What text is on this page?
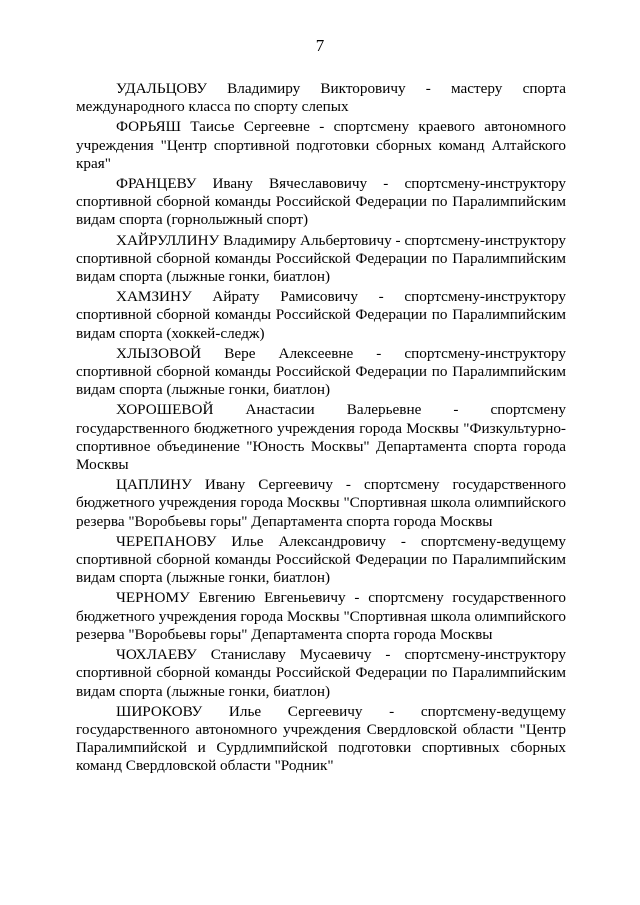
7

УДАЛЬЦОВУ Владимиру Викторовичу - мастеру спорта международного класса по спорту слепых

ФОРЬЯШ Таисье Сергеевне - спортсмену краевого автономного учреждения "Центр спортивной подготовки сборных команд Алтайского края"

ФРАНЦЕВУ Ивану Вячеславовичу - спортсмену-инструктору спортивной сборной команды Российской Федерации по Паралимпийским видам спорта (горнолыжный спорт)

ХАЙРУЛЛИНУ Владимиру Альбертовичу - спортсмену-инструктору спортивной сборной команды Российской Федерации по Паралимпийским видам спорта (лыжные гонки, биатлон)

ХАМЗИНУ Айрату Рамисовичу - спортсмену-инструктору спортивной сборной команды Российской Федерации по Паралимпийским видам спорта (хоккей-следж)

ХЛЫЗОВОЙ Вере Алексеевне - спортсмену-инструктору спортивной сборной команды Российской Федерации по Паралимпийским видам спорта (лыжные гонки, биатлон)

ХОРОШЕВОЙ Анастасии Валерьевне - спортсмену государственного бюджетного учреждения города Москвы "Физкультурно-спортивное объединение "Юность Москвы" Департамента спорта города Москвы

ЦАПЛИНУ Ивану Сергеевичу - спортсмену государственного бюджетного учреждения города Москвы "Спортивная школа олимпийского резерва "Воробьевы горы" Департамента спорта города Москвы

ЧЕРЕПАНОВУ Илье Александровичу - спортсмену-ведущему спортивной сборной команды Российской Федерации по Паралимпийским видам спорта (лыжные гонки, биатлон)

ЧЕРНОМУ Евгению Евгеньевичу - спортсмену государственного бюджетного учреждения города Москвы "Спортивная школа олимпийского резерва "Воробьевы горы" Департамента спорта города Москвы

ЧОХЛАЕВУ Станиславу Мусаевичу - спортсмену-инструктору спортивной сборной команды Российской Федерации по Паралимпийским видам спорта (лыжные гонки, биатлон)

ШИРОКОВУ Илье Сергеевичу - спортсмену-ведущему государственного автономного учреждения Свердловской области "Центр Паралимпийской и Сурдлимпийской подготовки спортивных сборных команд Свердловской области "Родник"
